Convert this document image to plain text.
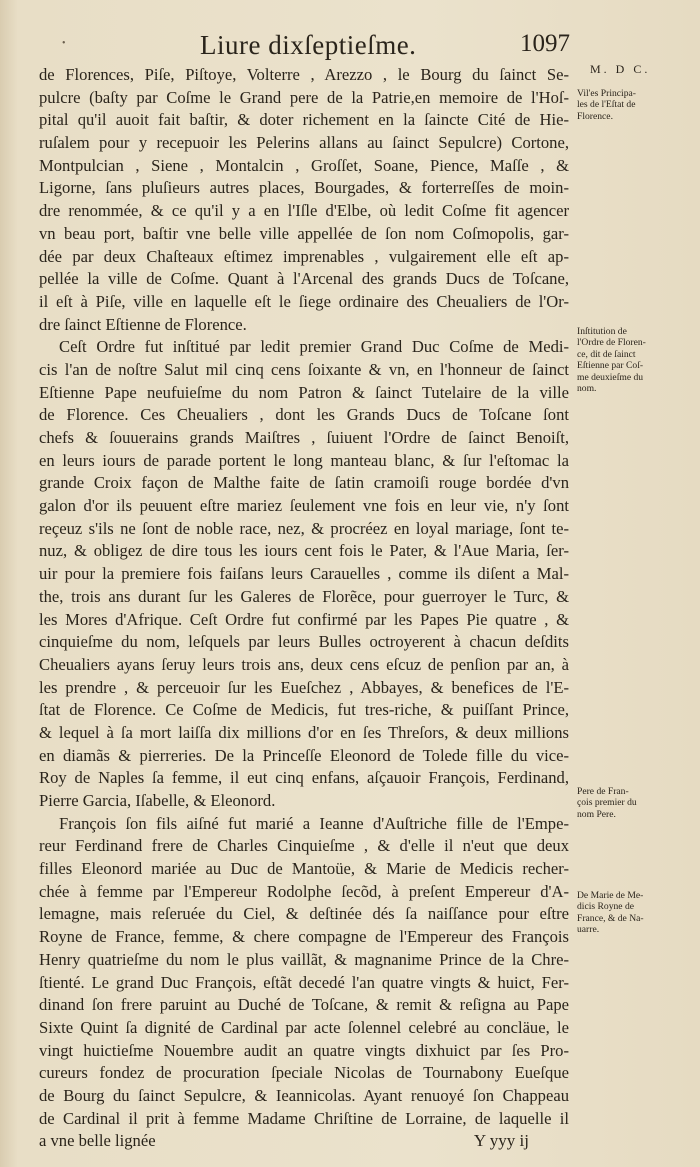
•	Liure dixſeptieſme.	1097
M. D C.
de Florences, Piſe, Piſtoye, Volterre , Arezzo , le Bourg du ſainct Se-
pulcre (baſty par Coſme le Grand pere de la Patrie,en memoire de l'Hoſ-
pital qu'il auoit fait baſtir, & doter richement en la ſaincte Cité de Hie-
ruſalem pour y recepuoir les Pelerins allans au ſainct Sepulcre) Cortone,
Montpulcian , Siene , Montalcin , Groſſet, Soane, Pience, Maſſe , &
Ligorne, ſans pluſieurs autres places, Bourgades, & forterreſſes de moin-
dre renommée, & ce qu'il y a en l'Iſle d'Elbe, où ledit Coſme fit agencer
vn beau port, baſtir vne belle ville appellée de ſon nom Coſmopolis, gar-
dée par deux Chaſteaux eſtimez imprenables , vulgairement elle eſt ap-
pellée la ville de Coſme. Quant à l'Arcenal des grands Ducs de Toſcane,
il eſt à Piſe, ville en laquelle eſt le ſiege ordinaire des Cheualiers de l'Or-
dre ſainct Eſtienne de Florence.
Ceſt Ordre fut inſtitué par ledit premier Grand Duc Coſme de Medi-
cis l'an de noſtre Salut mil cinq cens ſoixante & vn, en l'honneur de ſainct
Eſtienne Pape neufuieſme du nom Patron & ſainct Tutelaire de la ville
de Florence. Ces Cheualiers , dont les Grands Ducs de Toſcane ſont
chefs & ſouuerains grands Maiſtres , ſuiuent l'Ordre de ſainct Benoiſt,
en leurs iours de parade portent le long manteau blanc, & ſur l'eſtomac la
grande Croix façon de Malthe faite de ſatin cramoiſi rouge bordée d'vn
galon d'or ils peuuent eſtre mariez ſeulement vne fois en leur vie, n'y ſont
reçeuz s'ils ne ſont de noble race, nez, & procréez en loyal mariage, ſont te-
nuz, & obligez de dire tous les iours cent fois le Pater, & l'Aue Maria, ſer-
uir pour la premiere fois faiſans leurs Carauelles , comme ils diſent a Mal-
the, trois ans durant ſur les Galeres de Florẽce, pour guerroyer le Turc, &
les Mores d'Afrique. Ceſt Ordre fut confirmé par les Papes Pie quatre , &
cinquieſme du nom, leſquels par leurs Bulles octroyerent à chacun deſdits
Cheualiers ayans ſeruy leurs trois ans, deux cens eſcuz de penſion par an, à
les prendre , & perceuoir ſur les Eueſchez , Abbayes, & benefices de l'E-
ſtat de Florence. Ce Coſme de Medicis, fut tres-riche, & puiſſant Prince,
& lequel à ſa mort laiſſa dix millions d'or en ſes Threſors, & deux millions
en diamãs & pierreries. De la Princeſſe Eleonord de Tolede fille du vice-
Roy de Naples ſa femme, il eut cinq enfans, aſçauoir François, Ferdinand,
Pierre Garcia, Iſabelle, & Eleonord.
François ſon fils aiſné fut marié a Ieanne d'Auſtriche fille de l'Empe-
reur Ferdinand frere de Charles Cinquieſme , & d'elle il n'eut que deux
filles Eleonord mariée au Duc de Mantoüe, & Marie de Medicis recher-
chée à femme par l'Empereur Rodolphe ſecõd, à preſent Empereur d'A-
lemagne, mais reſeruée du Ciel, & deſtinée dés ſa naiſſance pour eſtre
Royne de France, femme, & chere compagne de l'Empereur des François
Henry quatrieſme du nom le plus vaillãt, & magnanime Prince de la Chre-
ſtienté. Le grand Duc François, eſtãt decedé l'an quatre vingts & huict, Fer-
dinand ſon frere paruint au Duché de Toſcane, & remit & reſigna au Pape
Sixte Quint ſa dignité de Cardinal par acte ſolennel celebré au concläue, le
vingt huictieſme Nouembre audit an quatre vingts dixhuict par ſes Pro-
cureurs fondez de procuration ſpeciale Nicolas de Tournabony Eueſque
de Bourg du ſainct Sepulcre, & Ieannicolas. Ayant renuoyé ſon Chappeau
de Cardinal il prit à femme Madame Chriſtine de Lorraine, de laquelle il
a vne belle lignée	Y yyy ij
Vil'es Principa-
les de l'Eſtat de
Florence.
Inſtitution de
l'Ordre de Floren-
ce, dit de ſainct
Eſtienne par Coſ-
me deuxieſme du
nom.
Pere de Fran-
çois premier du
nom Pere.
De Marie de Me-
dicis Royne de
France, & de Na-
uarre.
